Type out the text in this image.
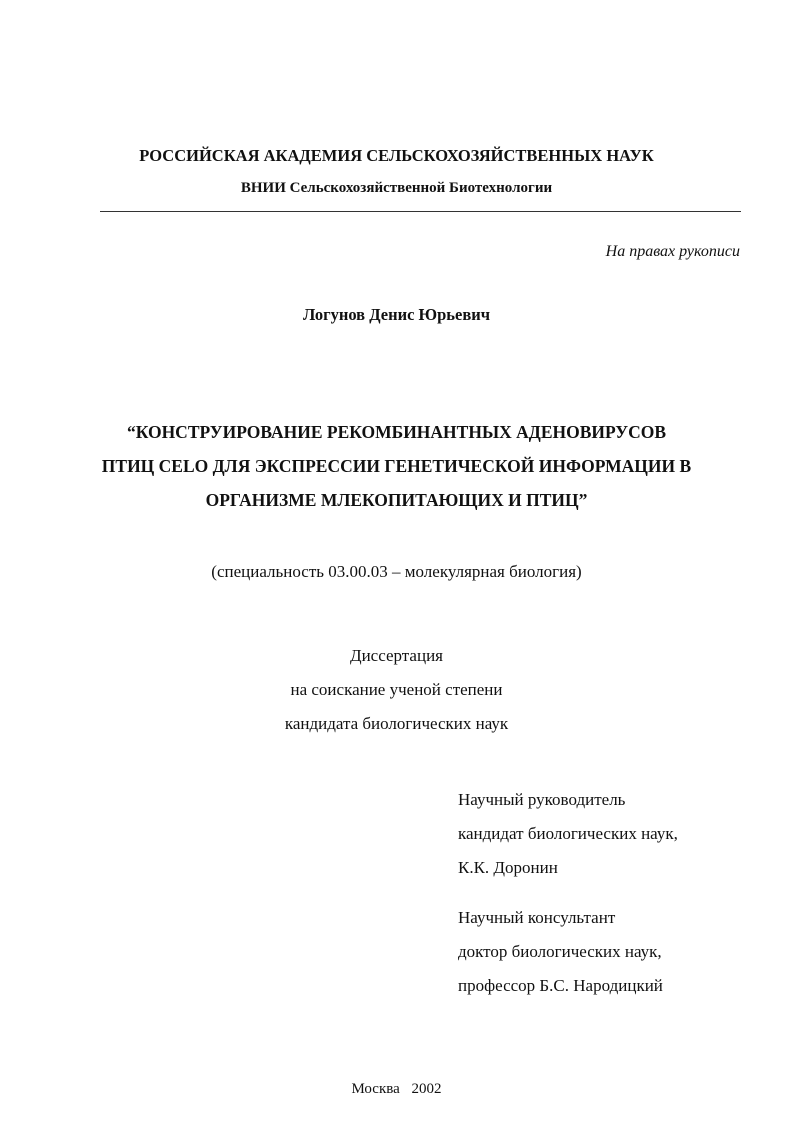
РОССИЙСКАЯ АКАДЕМИЯ СЕЛЬСКОХОЗЯЙСТВЕННЫХ НАУК
ВНИИ Сельскохозяйственной Биотехнологии
На правах рукописи
Логунов Денис Юрьевич
“КОНСТРУИРОВАНИЕ РЕКОМБИНАНТНЫХ АДЕНОВИРУСОВ
ПТИЦ CELO ДЛЯ ЭКСПРЕССИИ ГЕНЕТИЧЕСКОЙ ИНФОРМАЦИИ В
ОРГАНИЗМЕ МЛЕКОПИТАЮЩИХ И ПТИЦ”
(специальность 03.00.03 – молекулярная биология)
Диссертация
на соискание ученой степени
кандидата биологических наук
Научный руководитель
кандидат биологических наук,
К.К. Доронин
Научный консультант
доктор биологических наук,
профессор Б.С. Народицкий
Москва 2002
